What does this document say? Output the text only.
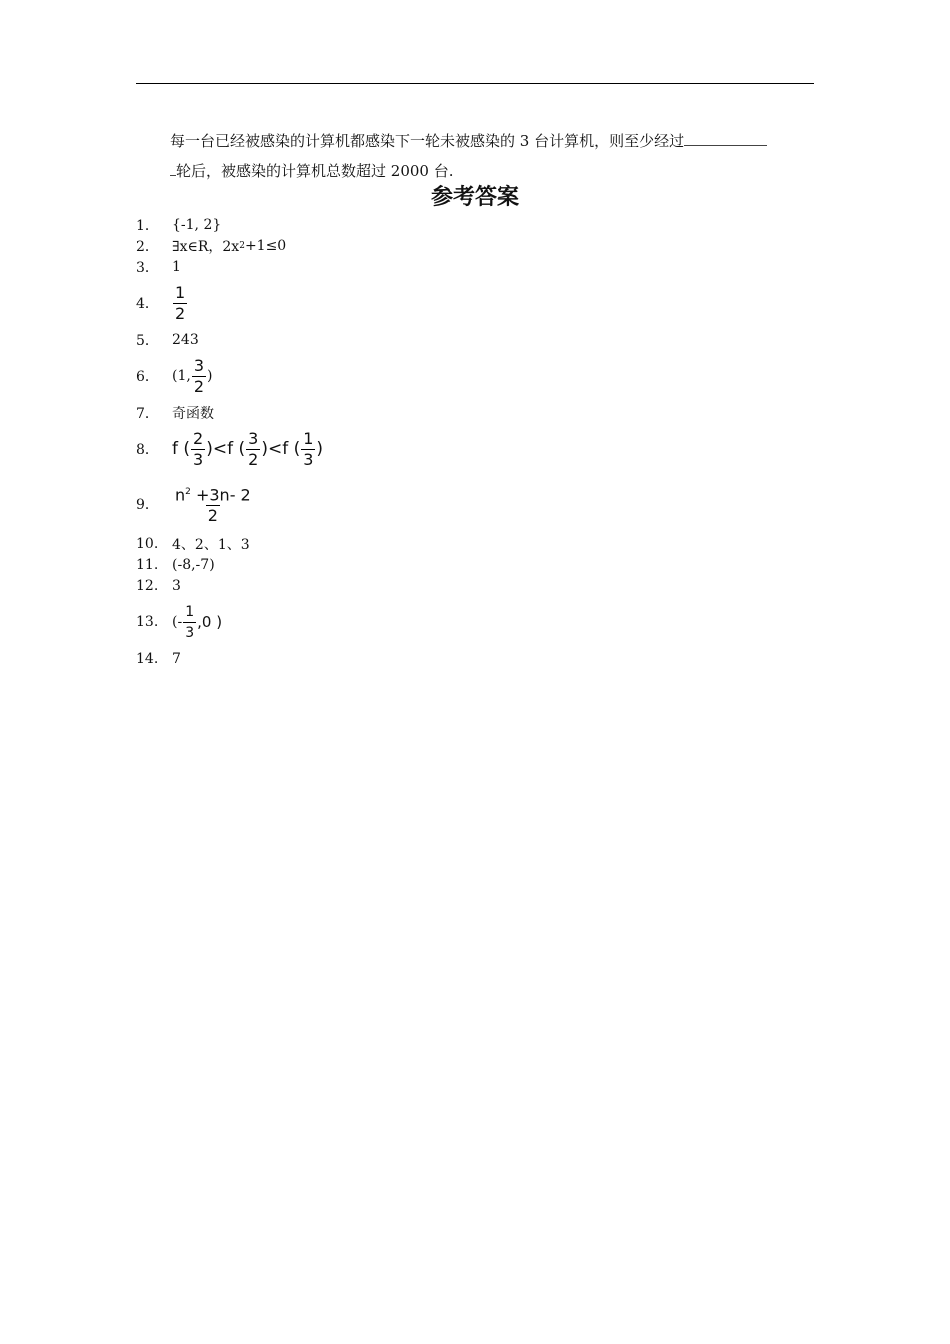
每一台已经被感染的计算机都感染下一轮未被感染的 3 台计算机，则至少经过
轮后，被感染的计算机总数超过 2000 台.
参考答案
1． {-1, 2}
2． ∃x∈R，2x 2 +1≤0
3． 1
4． $\frac{1}{2}$
5． 243
6． (1, $\frac{3}{2}$ )
7． 奇函数
8． f ( $\frac{2}{3} )<f$ ( $\frac{3}{2} )<f$ ( $\frac{1}{3}$ )
9． $\frac{n^2 +3n- 2}{2}$
10. 4、2、1、3
11. (-8,-7)
12. 3
13. (- $\frac{1}{3} ,0$ )
14. 7
